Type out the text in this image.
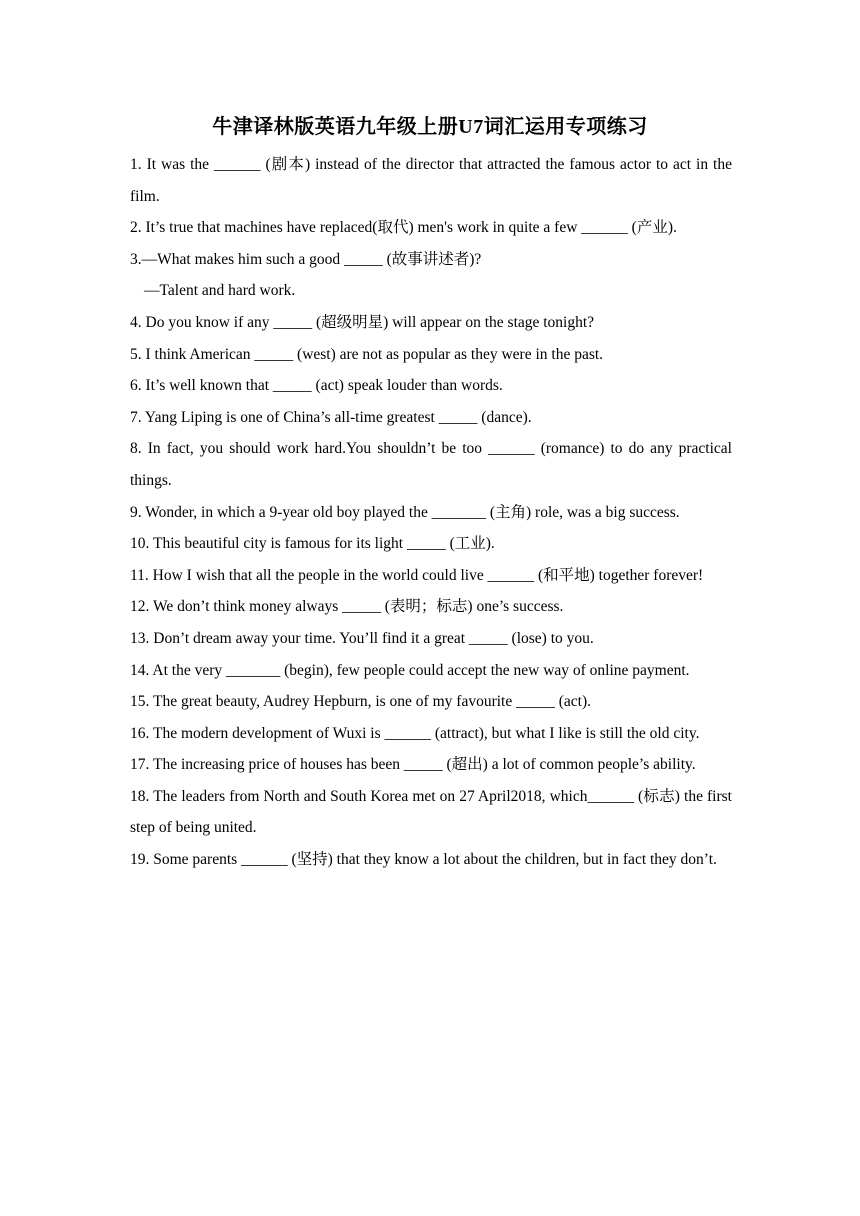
牛津译林版英语九年级上册U7词汇运用专项练习

1. It was the ______ (剧本) instead of the director that attracted the famous actor to act in the film.

2. It’s true that machines have replaced(取代) men's work in quite a few ______ (产业).

3.—What makes him such a good _____ (故事讲述者)?

—Talent and hard work.

4. Do you know if any _____ (超级明星) will appear on the stage tonight?

5. I think American _____ (west) are not as popular as they were in the past.

6. It’s well known that _____ (act) speak louder than words.

7. Yang Liping is one of China’s all-time greatest _____ (dance).

8. In fact, you should work hard.You shouldn’t be too ______ (romance) to do any practical things.

9. Wonder, in which a 9-year old boy played the _______ (主角) role, was a big success.

10. This beautiful city is famous for its light _____ (工业).

11. How I wish that all the people in the world could live ______ (和平地) together forever!

12. We don’t think money always _____ (表明；标志) one’s success.

13. Don’t dream away your time. You’ll find it a great _____ (lose) to you.

14. At the very _______ (begin), few people could accept the new way of online payment.

15. The great beauty, Audrey Hepburn, is one of my favourite _____ (act).

16. The modern development of Wuxi is ______ (attract), but what I like is still the old city.

17. The increasing price of houses has been _____ (超出) a lot of common people’s ability.

18. The leaders from North and South Korea met on 27 April2018, which______ (标志) the first step of being united.

19. Some parents ______ (坚持) that they know a lot about the children, but in fact they don’t.
